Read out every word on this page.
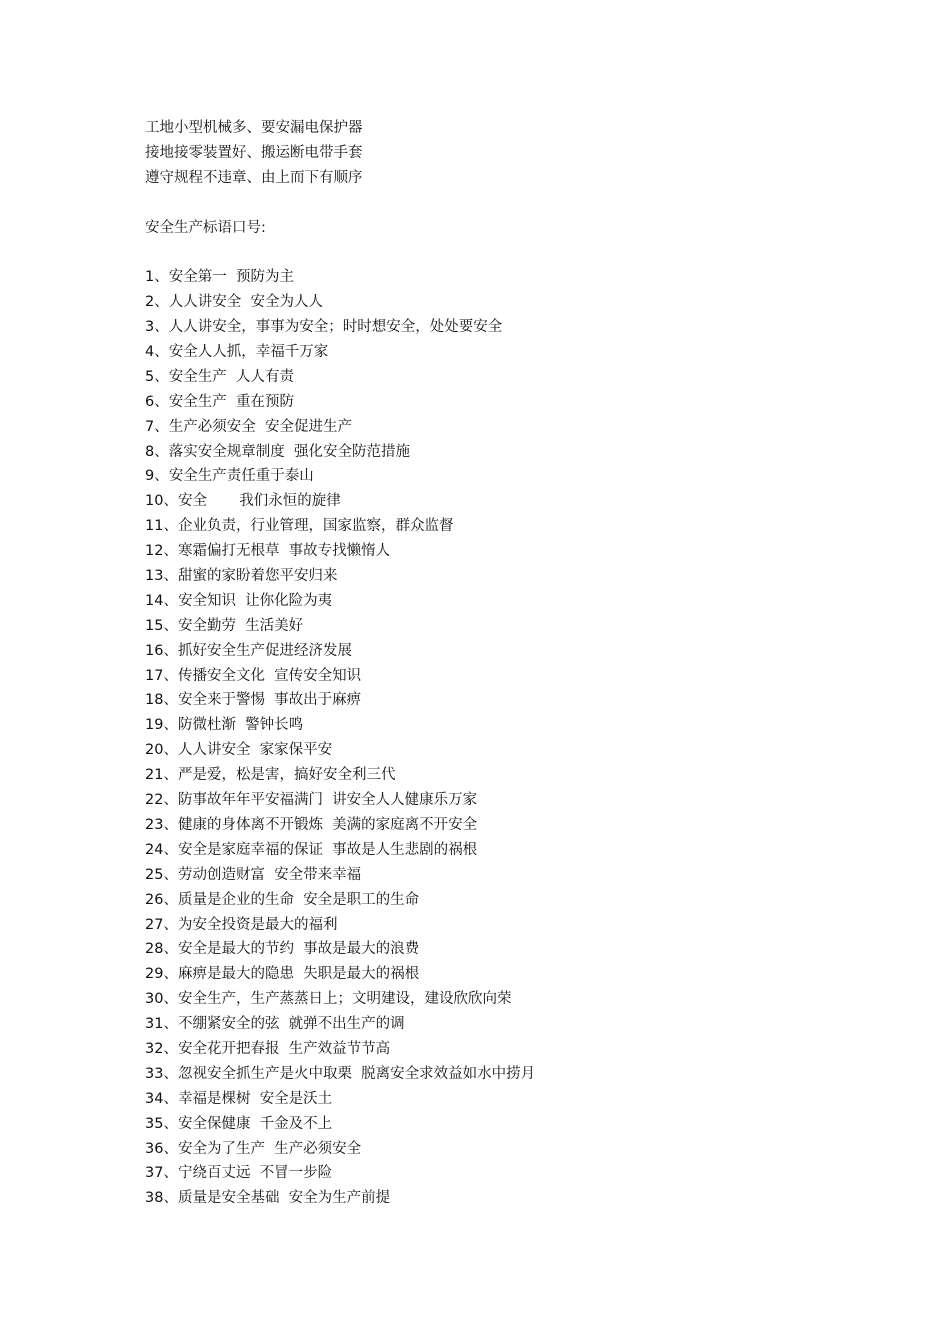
工地小型机械多、要安漏电保护器
接地接零装置好、搬运断电带手套
遵守规程不违章、由上而下有顺序
安全生产标语口号:
1、安全第一  预防为主
2、人人讲安全  安全为人人
3、人人讲安全，事事为安全；时时想安全，处处要安全
4、安全人人抓，幸福千万家
5、安全生产  人人有责
6、安全生产  重在预防
7、生产必须安全  安全促进生产
8、落实安全规章制度  强化安全防范措施
9、安全生产责任重于泰山
10、安全       我们永恒的旋律
11、企业负责，行业管理，国家监察，群众监督
12、寒霜偏打无根草  事故专找懒惰人
13、甜蜜的家盼着您平安归来
14、安全知识  让你化险为夷
15、安全勤劳  生活美好
16、抓好安全生产促进经济发展
17、传播安全文化  宣传安全知识
18、安全来于警惕  事故出于麻痹
19、防微杜渐  警钟长鸣
20、人人讲安全  家家保平安
21、严是爱，松是害，搞好安全利三代
22、防事故年年平安福满门  讲安全人人健康乐万家
23、健康的身体离不开锻炼  美满的家庭离不开安全
24、安全是家庭幸福的保证  事故是人生悲剧的祸根
25、劳动创造财富  安全带来幸福
26、质量是企业的生命  安全是职工的生命
27、为安全投资是最大的福利
28、安全是最大的节约  事故是最大的浪费
29、麻痹是最大的隐患  失职是最大的祸根
30、安全生产，生产蒸蒸日上；文明建设，建设欣欣向荣
31、不绷紧安全的弦  就弹不出生产的调
32、安全花开把春报  生产效益节节高
33、忽视安全抓生产是火中取栗  脱离安全求效益如水中捞月
34、幸福是棵树  安全是沃土
35、安全保健康  千金及不上
36、安全为了生产  生产必须安全
37、宁绕百丈远  不冒一步险
38、质量是安全基础  安全为生产前提
